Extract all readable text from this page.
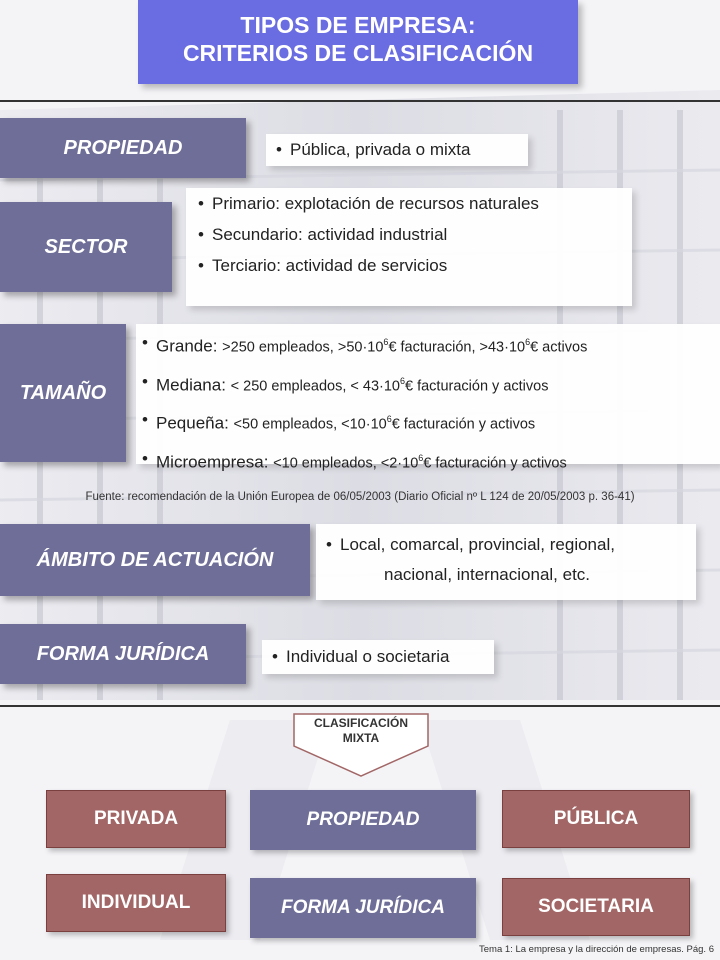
TIPOS DE EMPRESA:
CRITERIOS DE CLASIFICACIÓN
PROPIEDAD	• Pública, privada o mixta
SECTOR
• Primario: explotación de recursos naturales
• Secundario: actividad industrial
• Terciario: actividad de servicios
TAMAÑO
• Grande: >250 empleados, $>50\cdot 10^6€$ facturación, $>43\cdot 10^6€$ activos
• Mediana: < 250 empleados, < $43\cdot 10^6€$ facturación y activos
• Pequeña: <50 empleados, $<10\cdot 10^6€$ facturación y activos
• Microempresa: <10 empleados, $<2\cdot 10^6€$ facturación y activos
Fuente: recomendación de la Unión Europea de 06/05/2003 (Diario Oficial nº L 124 de 20/05/2003 p. 36-41)
ÁMBITO DE ACTUACIÓN
• Local, comarcal, provincial, regional,
nacional, internacional, etc.
FORMA JURÍDICA	• Individual o societaria
CLASIFICACIÓN
MIXTA
PRIVADA	PROPIEDAD	PÚBLICA
INDIVIDUAL	FORMA JURÍDICA	SOCIETARIA
Tema 1: La empresa y la dirección de empresas. Pág. 6
